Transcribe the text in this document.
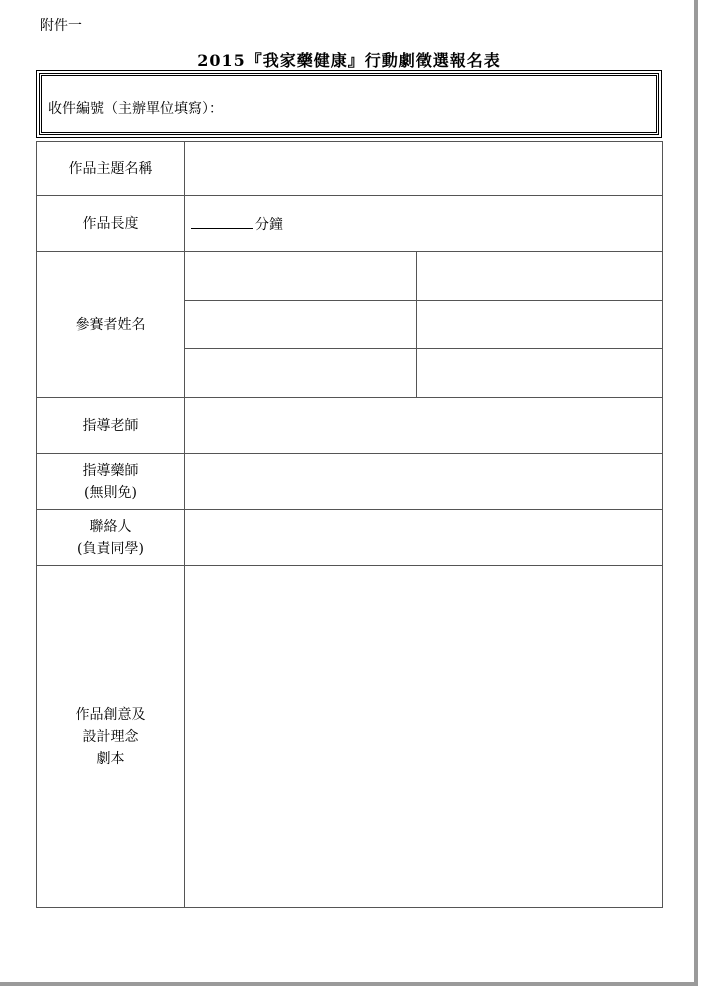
附件一
2015『我家藥健康』行動劇徵選報名表
收件編號（主辦單位填寫）：
作品主題名稱		
作品長度	分鐘	
參賽者姓名		

指導老師		

指導藥師
(無則免)		

聯絡人
(負責同學)		

作品創意及
設計理念
劇本		
